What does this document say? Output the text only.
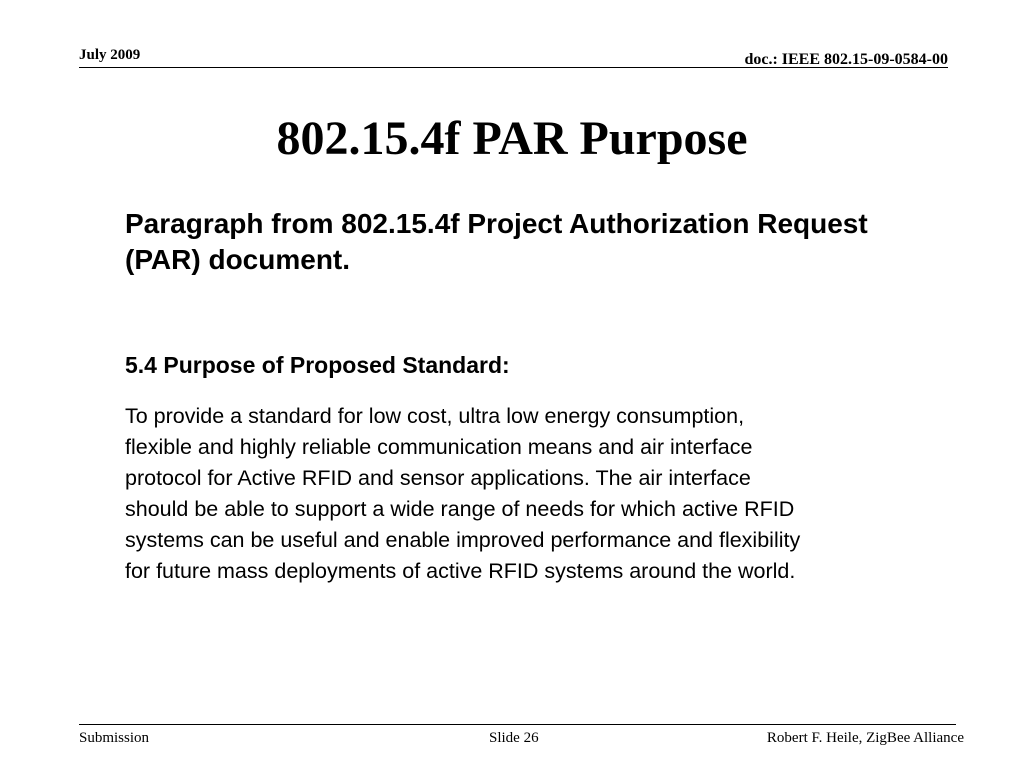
July 2009	doc.: IEEE 802.15-09-0584-00
802.15.4f PAR Purpose

Paragraph from 802.15.4f Project Authorization Request (PAR) document.

5.4 Purpose of Proposed Standard:
To provide a standard for low cost, ultra low energy consumption,
flexible and highly reliable communication means and air interface
protocol for Active RFID and sensor applications. The air interface
should be able to support a wide range of needs for which active RFID
systems can be useful and enable improved performance and flexibility
for future mass deployments of active RFID systems around the world.
Submission	Slide 26	Robert F. Heile, ZigBee Alliance
